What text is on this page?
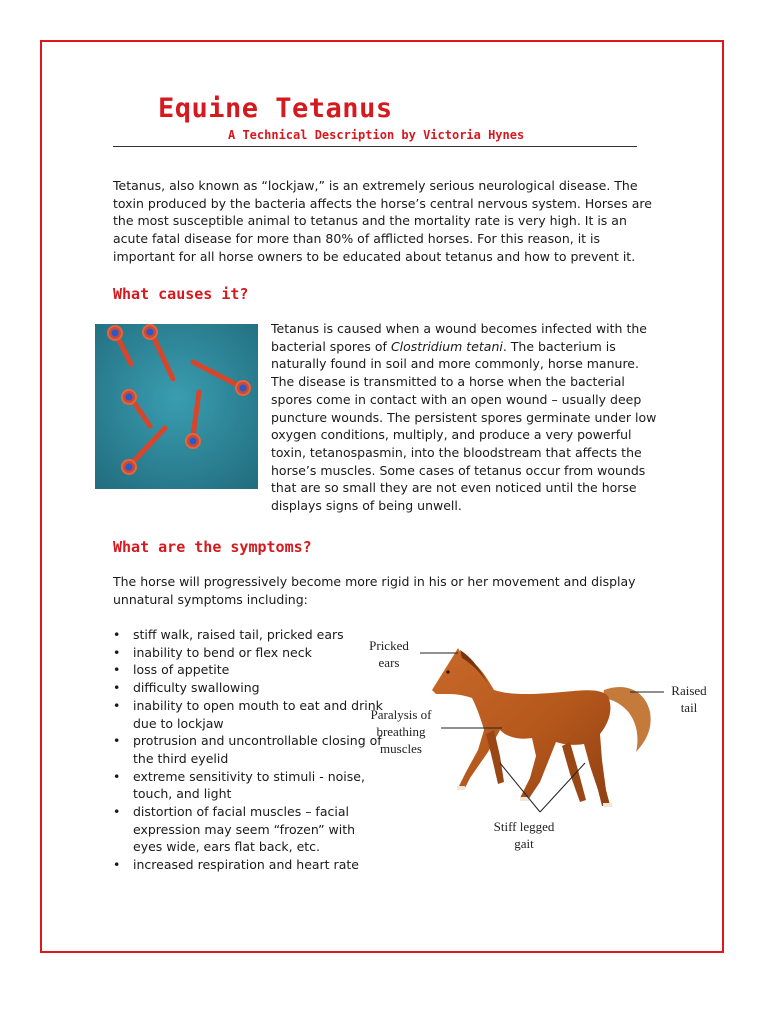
Equine Tetanus
A Technical Description by Victoria Hynes

Tetanus, also known as “lockjaw,” is an extremely serious neurological disease. The toxin produced by the bacteria affects the horse’s central nervous system. Horses are the most susceptible animal to tetanus and the mortality rate is very high. It is an acute fatal disease for more than 80% of afflicted horses. For this reason, it is important for all horse owners to be educated about tetanus and how to prevent it.

What causes it?

Tetanus is caused when a wound becomes infected with the bacterial spores of Clostridium tetani. The bacterium is naturally found in soil and more commonly, horse manure. The disease is transmitted to a horse when the bacterial spores come in contact with an open wound – usually deep puncture wounds. The persistent spores germinate under low oxygen conditions, multiply, and produce a very powerful toxin, tetanospasmin, into the bloodstream that affects the horse’s muscles. Some cases of tetanus occur from wounds that are so small they are not even noticed until the horse displays signs of being unwell.

What are the symptoms?

The horse will progressively become more rigid in his or her movement and display unnatural symptoms including:

• stiff walk, raised tail, pricked ears
• inability to bend or flex neck
• loss of appetite
• difficulty swallowing
• inability to open mouth to eat and drink due to lockjaw
• protrusion and uncontrollable closing of the third eyelid
• extreme sensitivity to stimuli - noise, touch, and light
• distortion of facial muscles – facial expression may seem “frozen” with eyes wide, ears flat back, etc.
• increased respiration and heart rate
Pricked ears
Paralysis of breathing muscles
Raised tail
Stiff legged gait
